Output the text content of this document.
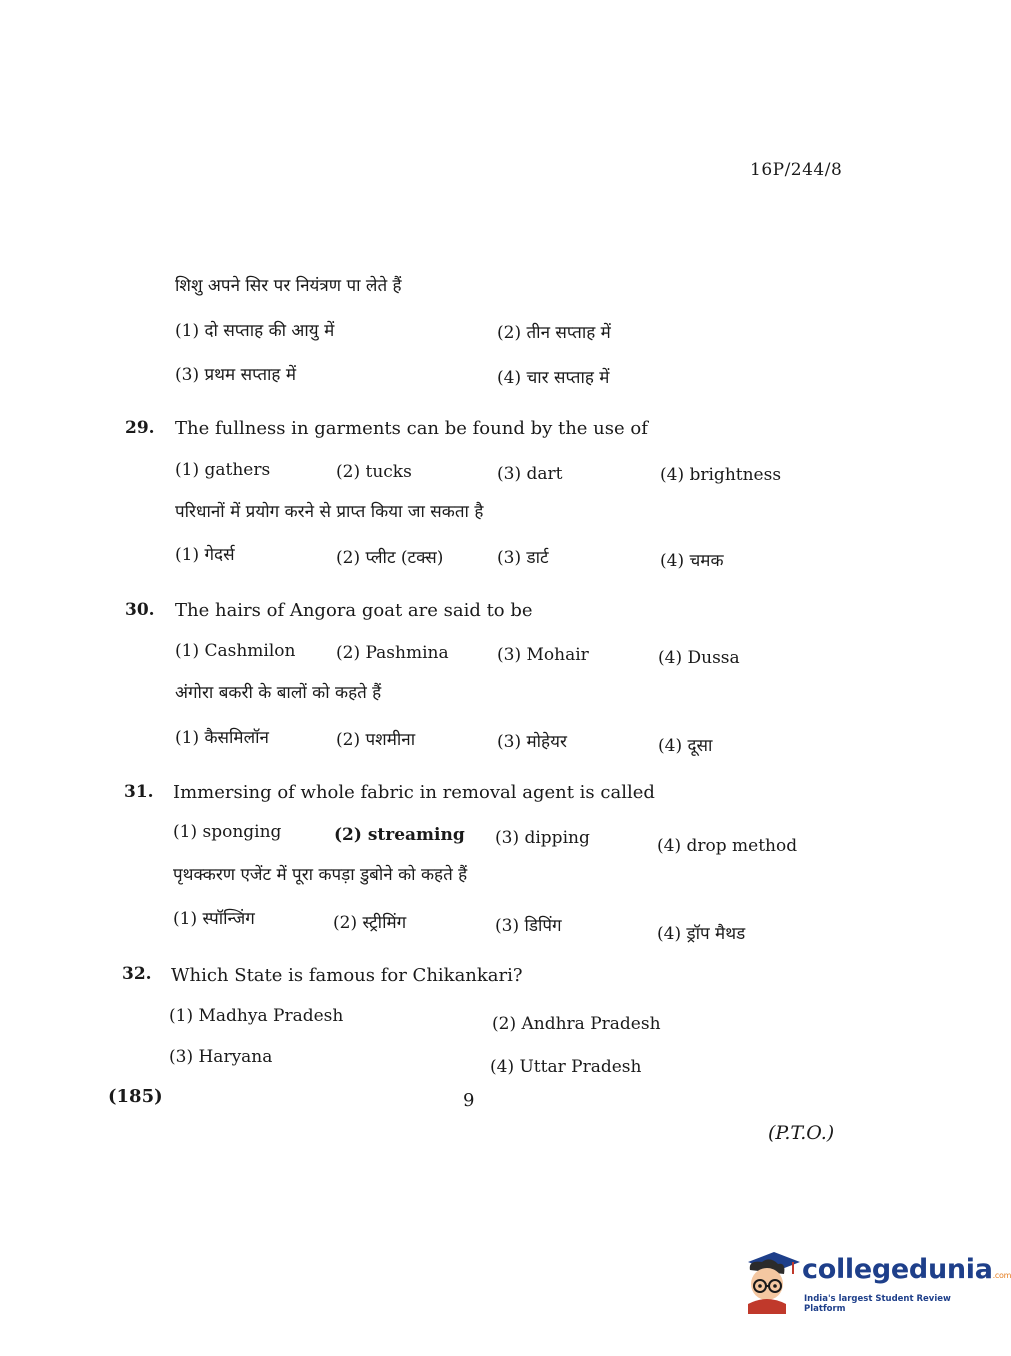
16P/244/8
शिशु अपने सिर पर नियंत्रण पा लेते हैं
(1) दो सप्ताह की आयु में	(2) तीन सप्ताह में
(3) प्रथम सप्ताह में	(4) चार सप्ताह में
29. The fullness in garments can be found by the use of
(1) gathers	(2) tucks	(3) dart	(4) brightness
परिधानों में प्रयोग करने से प्राप्त किया जा सकता है
(1) गेदर्स	(2) प्लीट (टक्स)	(3) डार्ट	(4) चमक
30. The hairs of Angora goat are said to be
(1) Cashmilon (2) Pashmina	(3) Mohair	(4) Dussa
अंगोरा बकरी के बालों को कहते हैं
(1) कैसमिलॉन	(2) पशमीना	(3) मोहेयर	(4) दूसा
31. Immersing of whole fabric in removal agent is called
(1) sponging	(2) streaming (3) dipping	(4) drop method
पृथक्करण एजेंट में पूरा कपड़ा डुबोने को कहते हैं
(1) स्पॉन्जिंग	(2) स्ट्रीमिंग	(3) डिपिंग	(4) ड्रॉप मैथड
32. Which State is famous for Chikankari?
(1) Madhya Pradesh	(2) Andhra Pradesh
(3) Haryana	(4) Uttar Pradesh
(185)	9
(P.T.O.)
collegedunia.com
India's largest Student Review Platform
